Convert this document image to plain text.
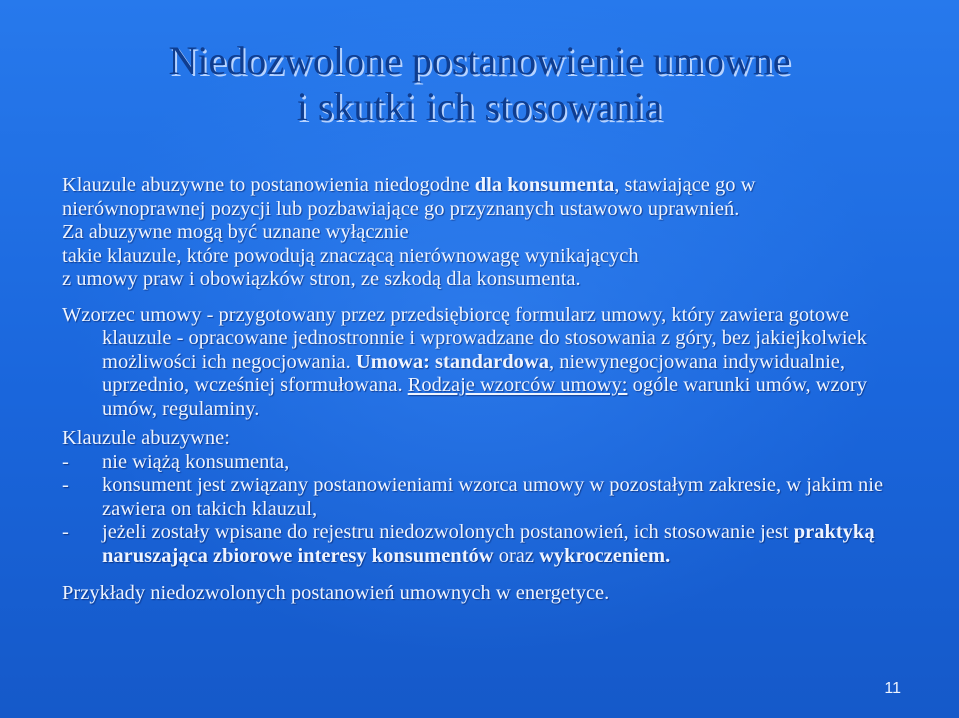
Niedozwolone postanowienie umowne
i skutki ich stosowania

Klauzule abuzywne to postanowienia niedogodne dla konsumenta, stawiające go w
nierównoprawnej pozycji lub pozbawiające go przyznanych ustawowo uprawnień.
Za abuzywne mogą być uznane wyłącznie
takie klauzule, które powodują znaczącą nierównowagę wynikających
z umowy praw i obowiązków stron, ze szkodą dla konsumenta.

Wzorzec umowy - przygotowany przez przedsiębiorcę formularz umowy, który zawiera gotowe klauzule - opracowane jednostronnie i wprowadzane do stosowania z góry, bez jakiejkolwiek możliwości ich negocjowania. Umowa: standardowa, niewynegocjowana indywidualnie, uprzednio, wcześniej sformułowana. Rodzaje wzorców umowy: ogóle warunki umów, wzory umów, regulaminy.

Klauzule abuzywne:

- nie wiążą konsumenta,

- konsument jest związany postanowieniami wzorca umowy w pozostałym zakresie, w jakim nie zawiera on takich klauzul,

- jeżeli zostały wpisane do rejestru niedozwolonych postanowień, ich stosowanie jest praktyką naruszająca zbiorowe interesy konsumentów oraz wykroczeniem.

Przykłady niedozwolonych postanowień umownych w energetyce.

11
